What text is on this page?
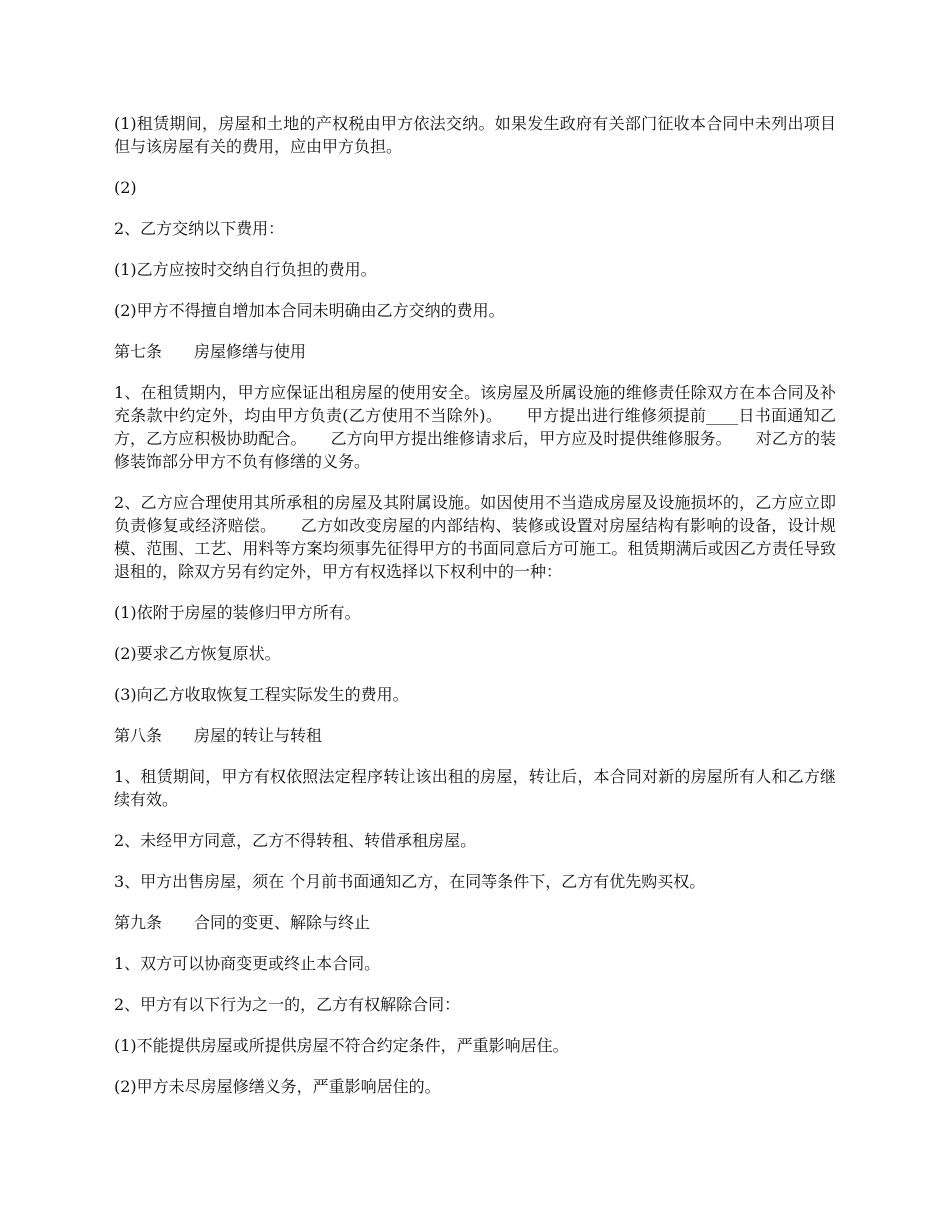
(1)租赁期间，房屋和土地的产权税由甲方依法交纳。如果发生政府有关部门征收本合同中未列出项目但与该房屋有关的费用，应由甲方负担。

(2)

2、乙方交纳以下费用：

(1)乙方应按时交纳自行负担的费用。

(2)甲方不得擅自增加本合同未明确由乙方交纳的费用。

第七条　　房屋修缮与使用

1、在租赁期内，甲方应保证出租房屋的使用安全。该房屋及所属设施的维修责任除双方在本合同及补充条款中约定外，均由甲方负责(乙方使用不当除外)。　　甲方提出进行维修须提前____日书面通知乙方，乙方应积极协助配合。　　乙方向甲方提出维修请求后，甲方应及时提供维修服务。　　对乙方的装修装饰部分甲方不负有修缮的义务。

2、乙方应合理使用其所承租的房屋及其附属设施。如因使用不当造成房屋及设施损坏的，乙方应立即负责修复或经济赔偿。　　乙方如改变房屋的内部结构、装修或设置对房屋结构有影响的设备，设计规模、范围、工艺、用料等方案均须事先征得甲方的书面同意后方可施工。租赁期满后或因乙方责任导致退租的，除双方另有约定外，甲方有权选择以下权利中的一种：

(1)依附于房屋的装修归甲方所有。

(2)要求乙方恢复原状。

(3)向乙方收取恢复工程实际发生的费用。

第八条　　房屋的转让与转租

1、租赁期间，甲方有权依照法定程序转让该出租的房屋，转让后，本合同对新的房屋所有人和乙方继续有效。

2、未经甲方同意，乙方不得转租、转借承租房屋。

3、甲方出售房屋，须在 个月前书面通知乙方，在同等条件下，乙方有优先购买权。

第九条　　合同的变更、解除与终止

1、双方可以协商变更或终止本合同。

2、甲方有以下行为之一的，乙方有权解除合同：

(1)不能提供房屋或所提供房屋不符合约定条件，严重影响居住。

(2)甲方未尽房屋修缮义务，严重影响居住的。
